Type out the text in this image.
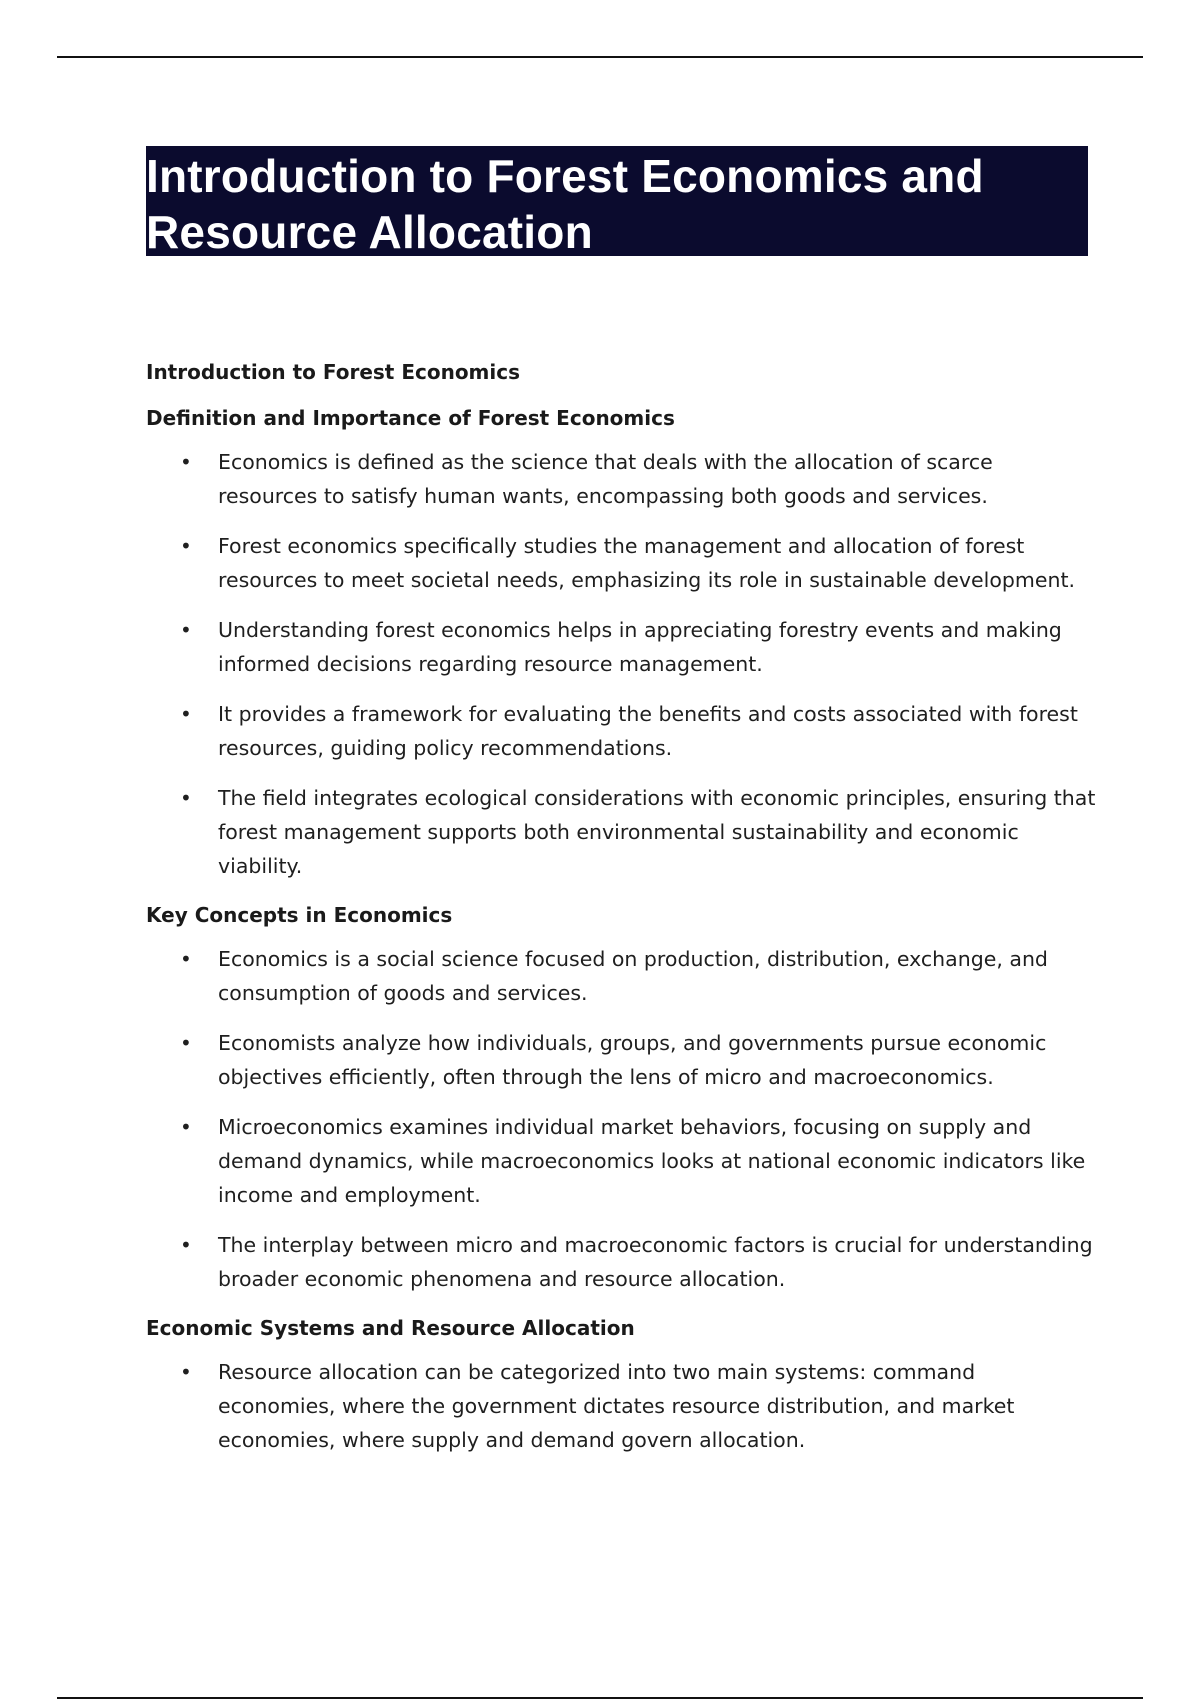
Introduction to Forest Economics and Resource Allocation
Introduction to Forest Economics
Definition and Importance of Forest Economics
• Economics is defined as the science that deals with the allocation of scarce resources to satisfy human wants, encompassing both goods and services.
• Forest economics specifically studies the management and allocation of forest resources to meet societal needs, emphasizing its role in sustainable development.
• Understanding forest economics helps in appreciating forestry events and making informed decisions regarding resource management.
• It provides a framework for evaluating the benefits and costs associated with forest resources, guiding policy recommendations.
• The field integrates ecological considerations with economic principles, ensuring that forest management supports both environmental sustainability and economic viability.
Key Concepts in Economics
• Economics is a social science focused on production, distribution, exchange, and consumption of goods and services.
• Economists analyze how individuals, groups, and governments pursue economic objectives efficiently, often through the lens of micro and macroeconomics.
• Microeconomics examines individual market behaviors, focusing on supply and demand dynamics, while macroeconomics looks at national economic indicators like income and employment.
• The interplay between micro and macroeconomic factors is crucial for understanding broader economic phenomena and resource allocation.
Economic Systems and Resource Allocation
• Resource allocation can be categorized into two main systems: command economies, where the government dictates resource distribution, and market economies, where supply and demand govern allocation.
